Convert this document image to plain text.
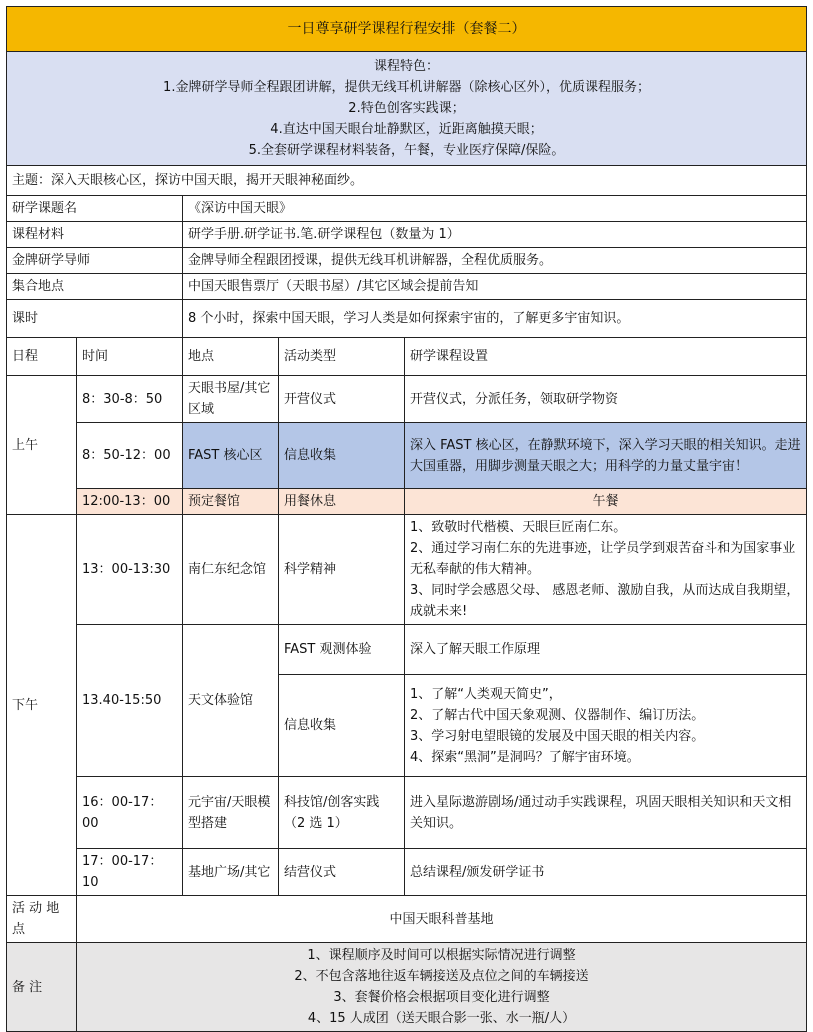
一日尊享研学课程行程安排（套餐二）				

课程特色：
1.金牌研学导师全程跟团讲解，提供无线耳机讲解器（除核心区外），优质课程服务；
2.特色创客实践课；
4.直达中国天眼台址静默区，近距离触摸天眼；
5.全套研学课程材料装备，午餐，专业医疗保障/保险。				

主题：深入天眼核心区，探访中国天眼，揭开天眼神秘面纱。				
研学课题名		《深访中国天眼》		
课程材料		研学手册.研学证书.笔.研学课程包（数量为 1）		
金牌研学导师		金牌导师全程跟团授课，提供无线耳机讲解器，全程优质服务。		
集合地点		中国天眼售票厅（天眼书屋）/其它区域会提前告知		
课时		8 个小时，探索中国天眼，学习人类是如何探索宇宙的，了解更多宇宙知识。		
日程	时间	地点	活动类型	研学课程设置
上午	8：30-8：50	天眼书屋/其它区域	开营仪式	开营仪式，分派任务，领取研学物资
	8：50-12：00	FAST 核心区	信息收集	深入 FAST 核心区，在静默环境下，深入学习天眼的相关知识。走进大国重器，用脚步测量天眼之大；用科学的力量丈量宇宙！
	12:00-13：00	预定餐馆	用餐休息	午餐
下午	13：00-13:30	南仁东纪念馆	科学精神	1、致敬时代楷模、天眼巨匠南仁东。
2、通过学习南仁东的先进事迹，让学员学到艰苦奋斗和为国家事业无私奉献的伟大精神。
3、同时学会感恩父母、 感恩老师、激励自我，从而达成自我期望，成就未来!

	13.40-15:50	天文体验馆	FAST 观测体验	深入了解天眼工作原理
			信息收集	1、了解“人类观天简史”，
2、了解古代中国天象观测、仪器制作、编订历法。
3、学习射电望眼镜的发展及中国天眼的相关内容。
4、探索“黑洞”是洞吗？了解宇宙环境。

	16：00-17：00	元宇宙/天眼模型搭建	科技馆/创客实践（2 选 1）	进入星际遨游剧场/通过动手实践课程，巩固天眼相关知识和天文相关知识。
	17：00-17：10	基地广场/其它	结营仪式	总结课程/颁发研学证书
活 动 地 点	中国天眼科普基地			
备 注	1、课程顺序及时间可以根据实际情况进行调整
2、不包含落地往返车辆接送及点位之间的车辆接送
3、套餐价格会根据项目变化进行调整
4、15 人成团（送天眼合影一张、水一瓶/人）			
